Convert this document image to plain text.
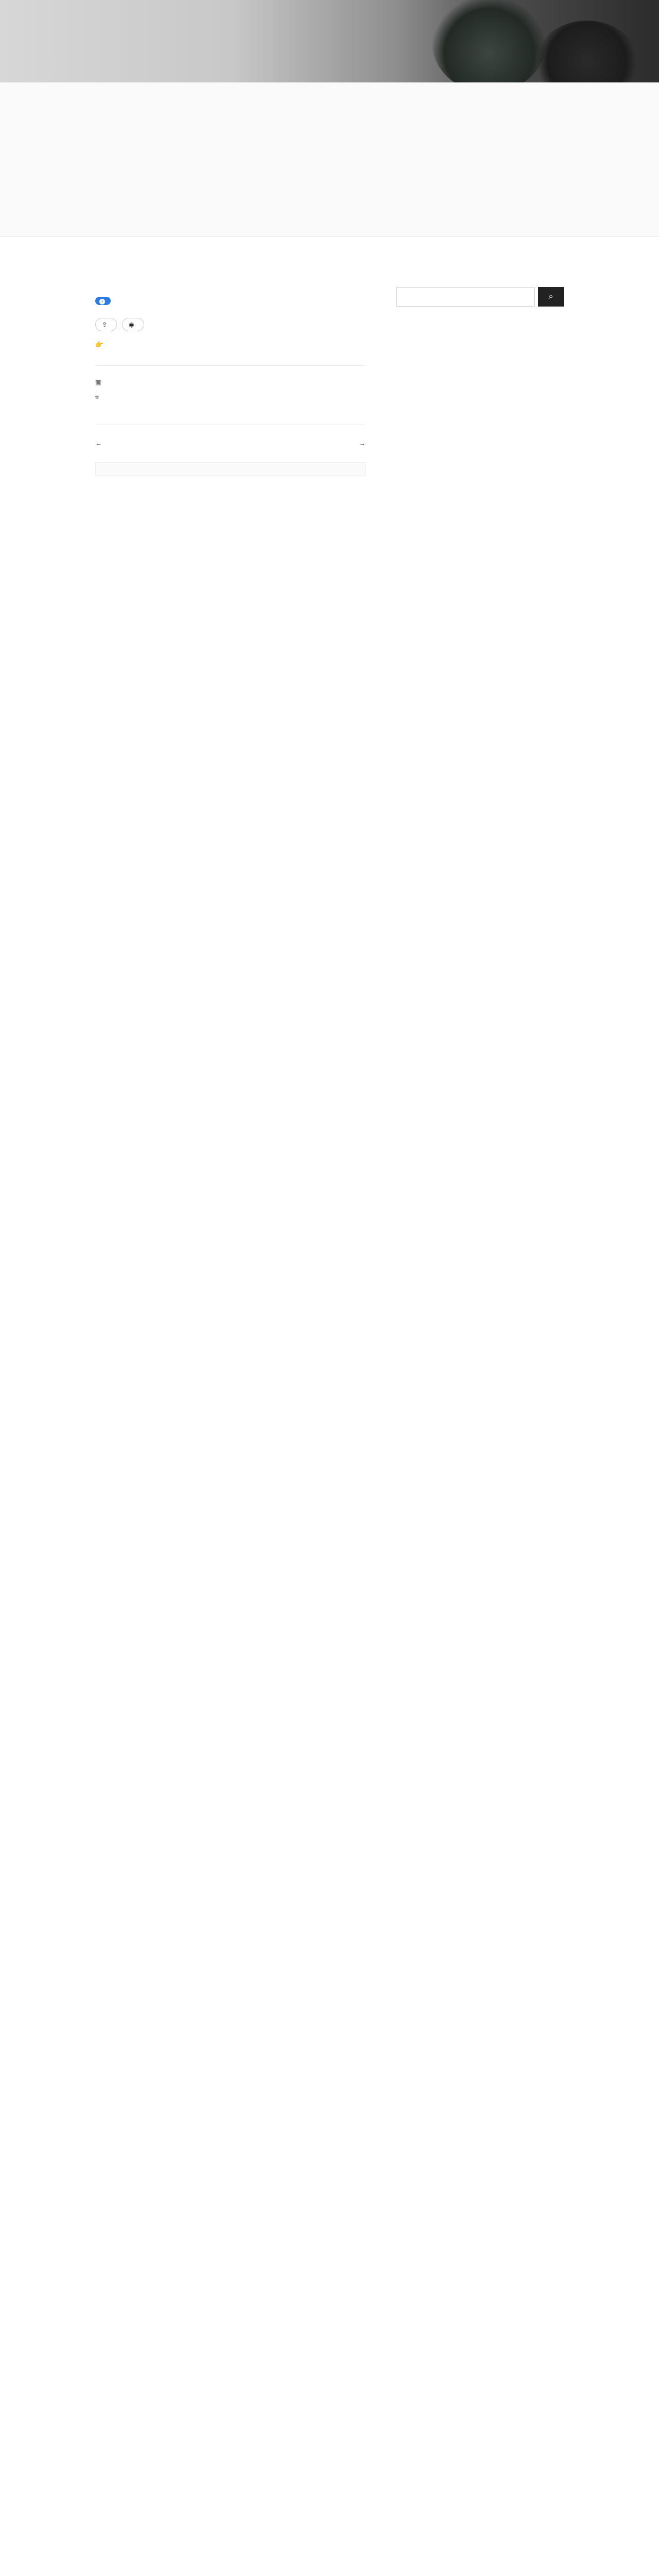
+

⇪	◉
👉
▣
⌗
←	→
⌕
